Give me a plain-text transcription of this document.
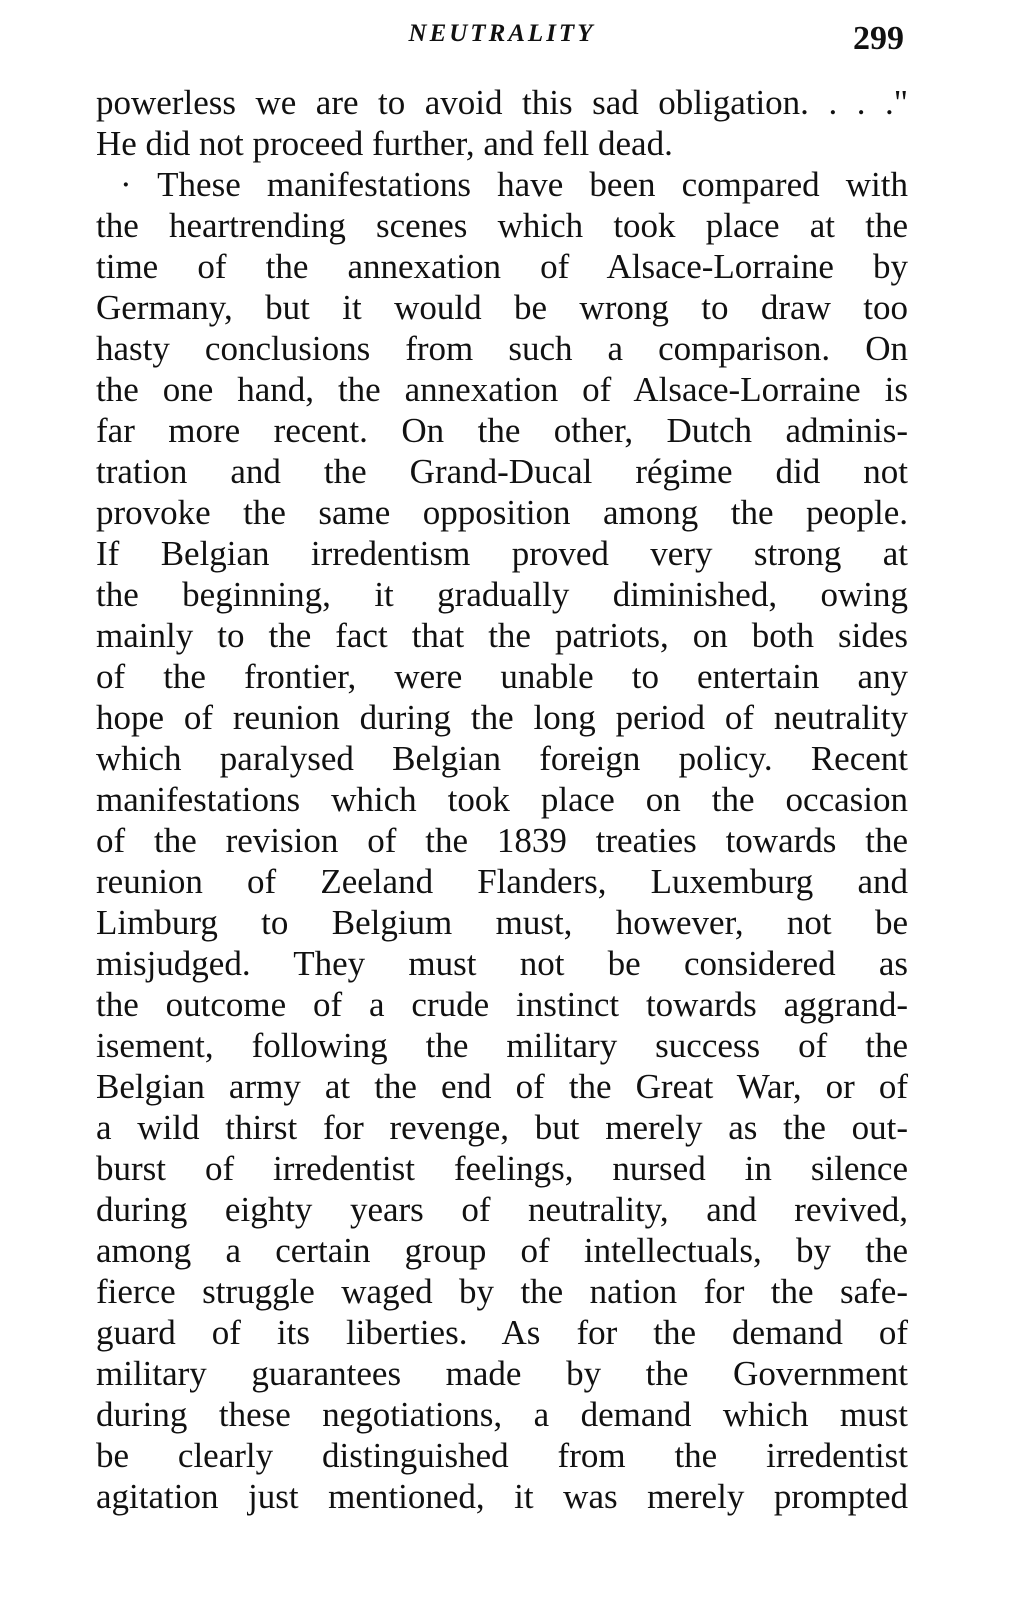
NEUTRALITY	299
powerless we are to avoid this sad obligation. . . ."
He did not proceed further, and fell dead.
· These manifestations have been compared with
the heartrending scenes which took place at the
time of the annexation of Alsace-Lorraine by
Germany, but it would be wrong to draw too
hasty conclusions from such a comparison. On
the one hand, the annexation of Alsace-Lorraine is
far more recent. On the other, Dutch adminis-
tration and the Grand-Ducal régime did not
provoke the same opposition among the people.
If Belgian irredentism proved very strong at
the beginning, it gradually diminished, owing
mainly to the fact that the patriots, on both sides
of the frontier, were unable to entertain any
hope of reunion during the long period of neutrality
which paralysed Belgian foreign policy. Recent
manifestations which took place on the occasion
of the revision of the 1839 treaties towards the
reunion of Zeeland Flanders, Luxemburg and
Limburg to Belgium must, however, not be
misjudged. They must not be considered as
the outcome of a crude instinct towards aggrand-
isement, following the military success of the
Belgian army at the end of the Great War, or of
a wild thirst for revenge, but merely as the out-
burst of irredentist feelings, nursed in silence
during eighty years of neutrality, and revived,
among a certain group of intellectuals, by the
fierce struggle waged by the nation for the safe-
guard of its liberties. As for the demand of
military guarantees made by the Government
during these negotiations, a demand which must
be clearly distinguished from the irredentist
agitation just mentioned, it was merely prompted
